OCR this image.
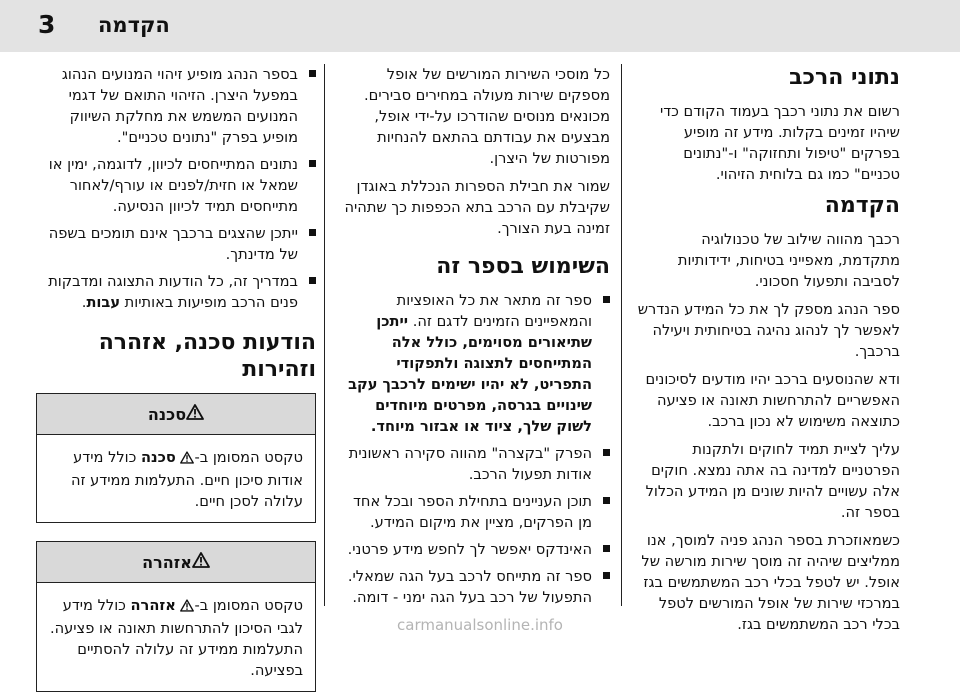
הקדמה
3
נתוני הרכב

רשום את נתוני רכבך בעמוד הקודם כדי שיהיו זמינים בקלות. מידע זה מופיע בפרקים "טיפול ותחזוקה" ו-"נתונים טכניים" כמו גם בלוחית הזיהוי.

הקדמה

רכבך מהווה שילוב של טכנולוגיה מתקדמת, מאפייני בטיחות, ידידותיות לסביבה ותפעול חסכוני.

ספר הנהג מספק לך את כל המידע הנדרש לאפשר לך לנהוג נהיגה בטיחותית ויעילה ברכבך.

ודא שהנוסעים ברכב יהיו מודעים לסיכונים האפשריים להתרחשות תאונה או פציעה כתוצאה משימוש לא נכון ברכב.

עליך לציית תמיד לחוקים ולתקנות הפרטניים למדינה בה אתה נמצא. חוקים אלה עשויים להיות שונים מן המידע הכלול בספר זה.

כשמאוזכרת בספר הנהג פניה למוסך, אנו ממליצים שיהיה זה מוסך שירות מורשה של אופל. יש לטפל בכלי רכב המשתמשים בגז במרכזי שירות של אופל המורשים לטפל בכלי רכב המשתמשים בגז.

כל מוסכי השירות המורשים של אופל מספקים שירות מעולה במחירים סבירים. מכונאים מנוסים שהודרכו על-ידי אופל, מבצעים את עבודתם בהתאם להנחיות מפורטות של היצרן.

שמור את חבילת הספרות הנכללת באוגדן שקיבלת עם הרכב בתא הכפפות כך שתהיה זמינה בעת הצורך.

השימוש בספר זה
ספר זה מתאר את כל האופציות והמאפיינים הזמינים לדגם זה. ייתכן שתיאורים מסוימים, כולל אלה המתייחסים לתצוגה ולתפקודי התפריט, לא יהיו ישימים לרכבך עקב שינויים בגרסה, מפרטים מיוחדים לשוק שלך, ציוד או אבזור מיוחד.
הפרק "בקצרה" מהווה סקירה ראשונית אודות תפעול הרכב.
תוכן העניינים בתחילת הספר ובכל אחד מן הפרקים, מציין את מיקום המידע.
האינדקס יאפשר לך לחפש מידע פרטני.
ספר זה מתייחס לרכב בעל הגה שמאלי. התפעול של רכב בעל הגה ימני - דומה.
בספר הנהג מופיע זיהוי המנועים הנהוג במפעל היצרן. הזיהוי התואם של דגמי המנועים המשמש את מחלקת השיווק מופיע בפרק "נתונים טכניים".
נתונים המתייחסים לכיוון, לדוגמה, ימין או שמאל או חזית/לפנים או עורף/לאחור מתייחסים תמיד לכיוון הנסיעה.
ייתכן שהצגים ברכבך אינם תומכים בשפה של מדינתך.
במדריך זה, כל הודעות התצוגה ומדבקות פנים הרכב מופיעות באותיות עבות.
הודעות סכנה, אזהרה וזהירות
סכנה
טקסט המסומן ב- סכנה כולל מידע אודות סיכון חיים. התעלמות ממידע זה עלולה לסכן חיים.
אזהרה
טקסט המסומן ב- אזהרה כולל מידע לגבי הסיכון להתרחשות תאונה או פציעה. התעלמות ממידע זה עלולה להסתיים בפציעה.
carmanualsonline.info
